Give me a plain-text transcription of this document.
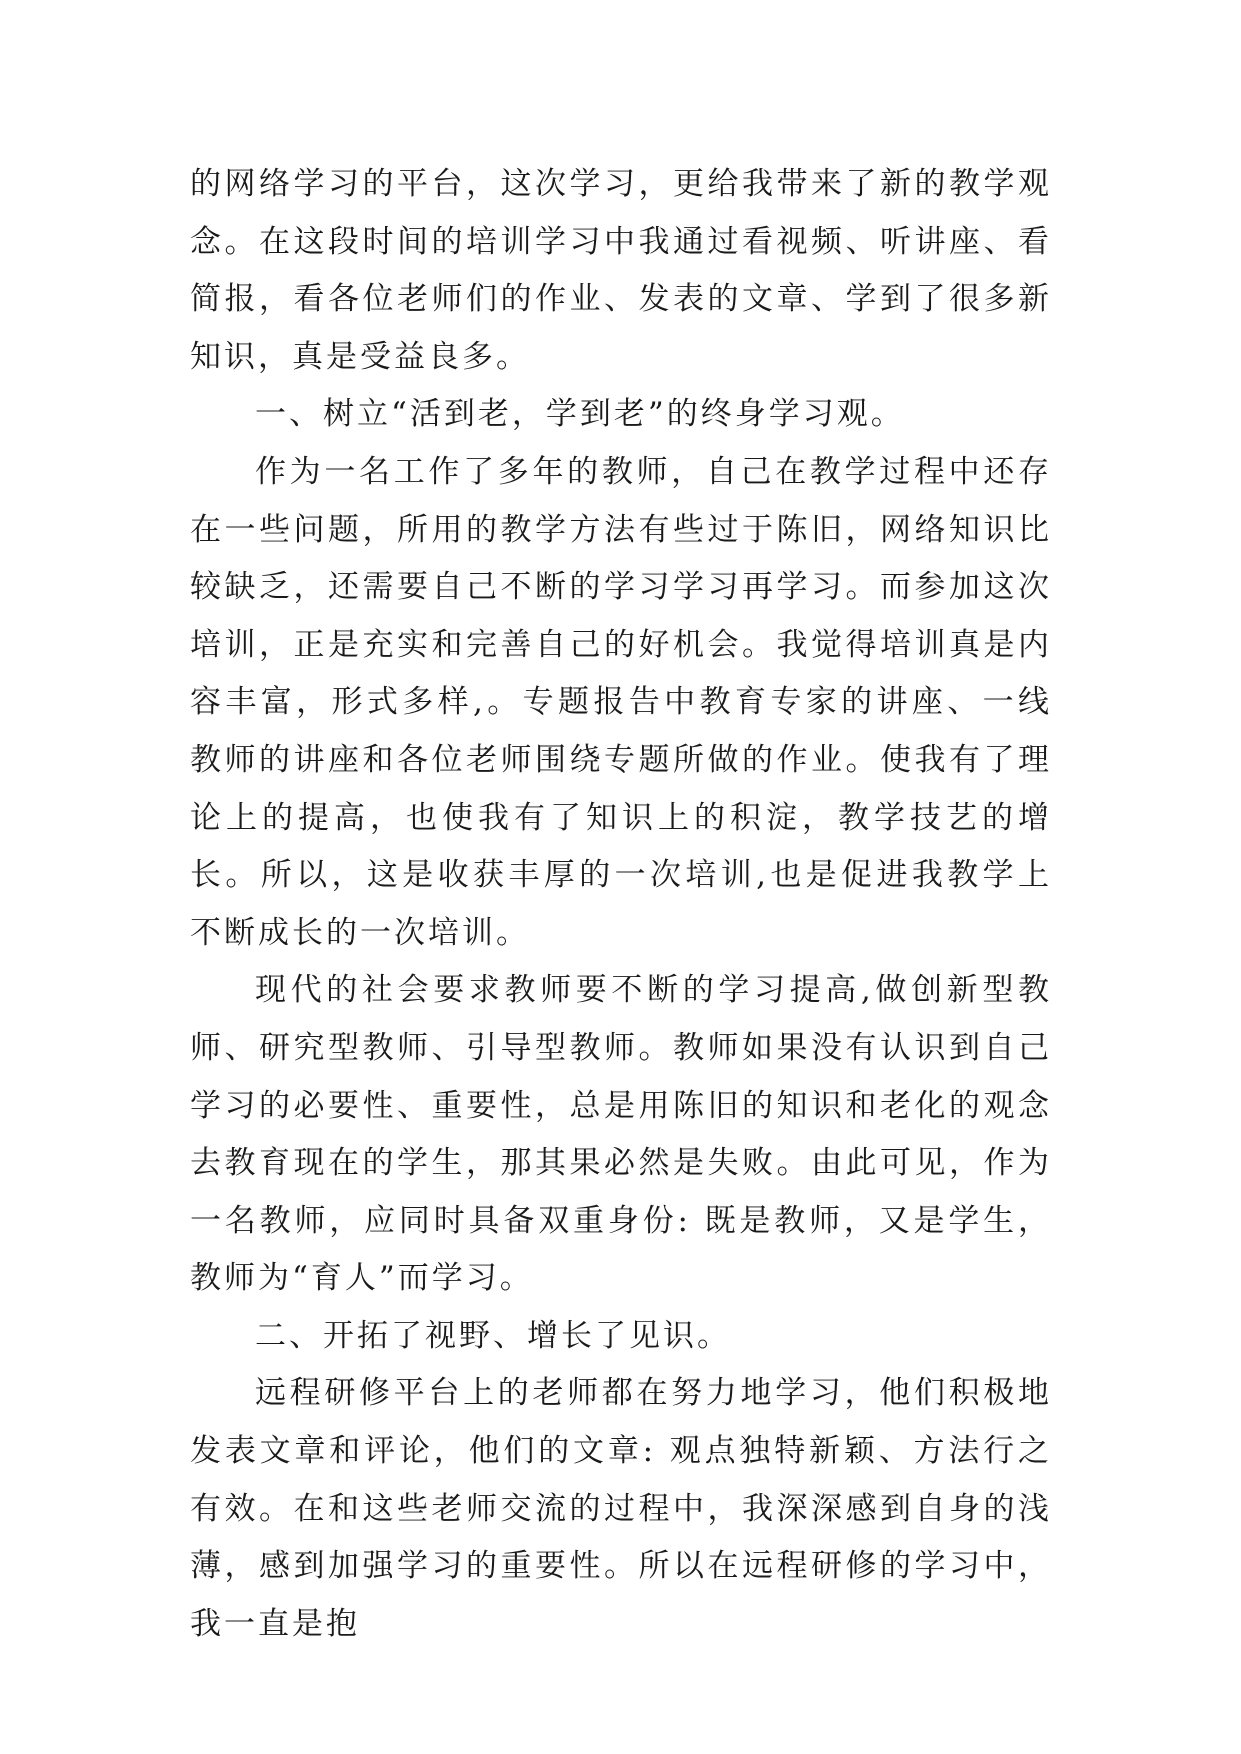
的网络学习的平台，这次学习，更给我带来了新的教学观念。在这段时间的培训学习中我通过看视频、听讲座、看简报，看各位老师们的作业、发表的文章、学到了很多新知识，真是受益良多。

一、树立“活到老，学到老”的终身学习观。

作为一名工作了多年的教师，自己在教学过程中还存在一些问题，所用的教学方法有些过于陈旧，网络知识比较缺乏，还需要自己不断的学习学习再学习。而参加这次培训，正是充实和完善自己的好机会。我觉得培训真是内容丰富，形式多样,。专题报告中教育专家的讲座、一线教师的讲座和各位老师围绕专题所做的作业。使我有了理论上的提高，也使我有了知识上的积淀，教学技艺的增长。所以，这是收获丰厚的一次培训,也是促进我教学上不断成长的一次培训。

现代的社会要求教师要不断的学习提高,做创新型教师、研究型教师、引导型教师。教师如果没有认识到自己学习的必要性、重要性，总是用陈旧的知识和老化的观念去教育现在的学生，那其果必然是失败。由此可见，作为一名教师，应同时具备双重身份: 既是教师，又是学生，教师为“育人”而学习。

二、开拓了视野、增长了见识。

远程研修平台上的老师都在努力地学习，他们积极地发表文章和评论，他们的文章: 观点独特新颖、方法行之有效。在和这些老师交流的过程中，我深深感到自身的浅薄，感到加强学习的重要性。所以在远程研修的学习中，我一直是抱
